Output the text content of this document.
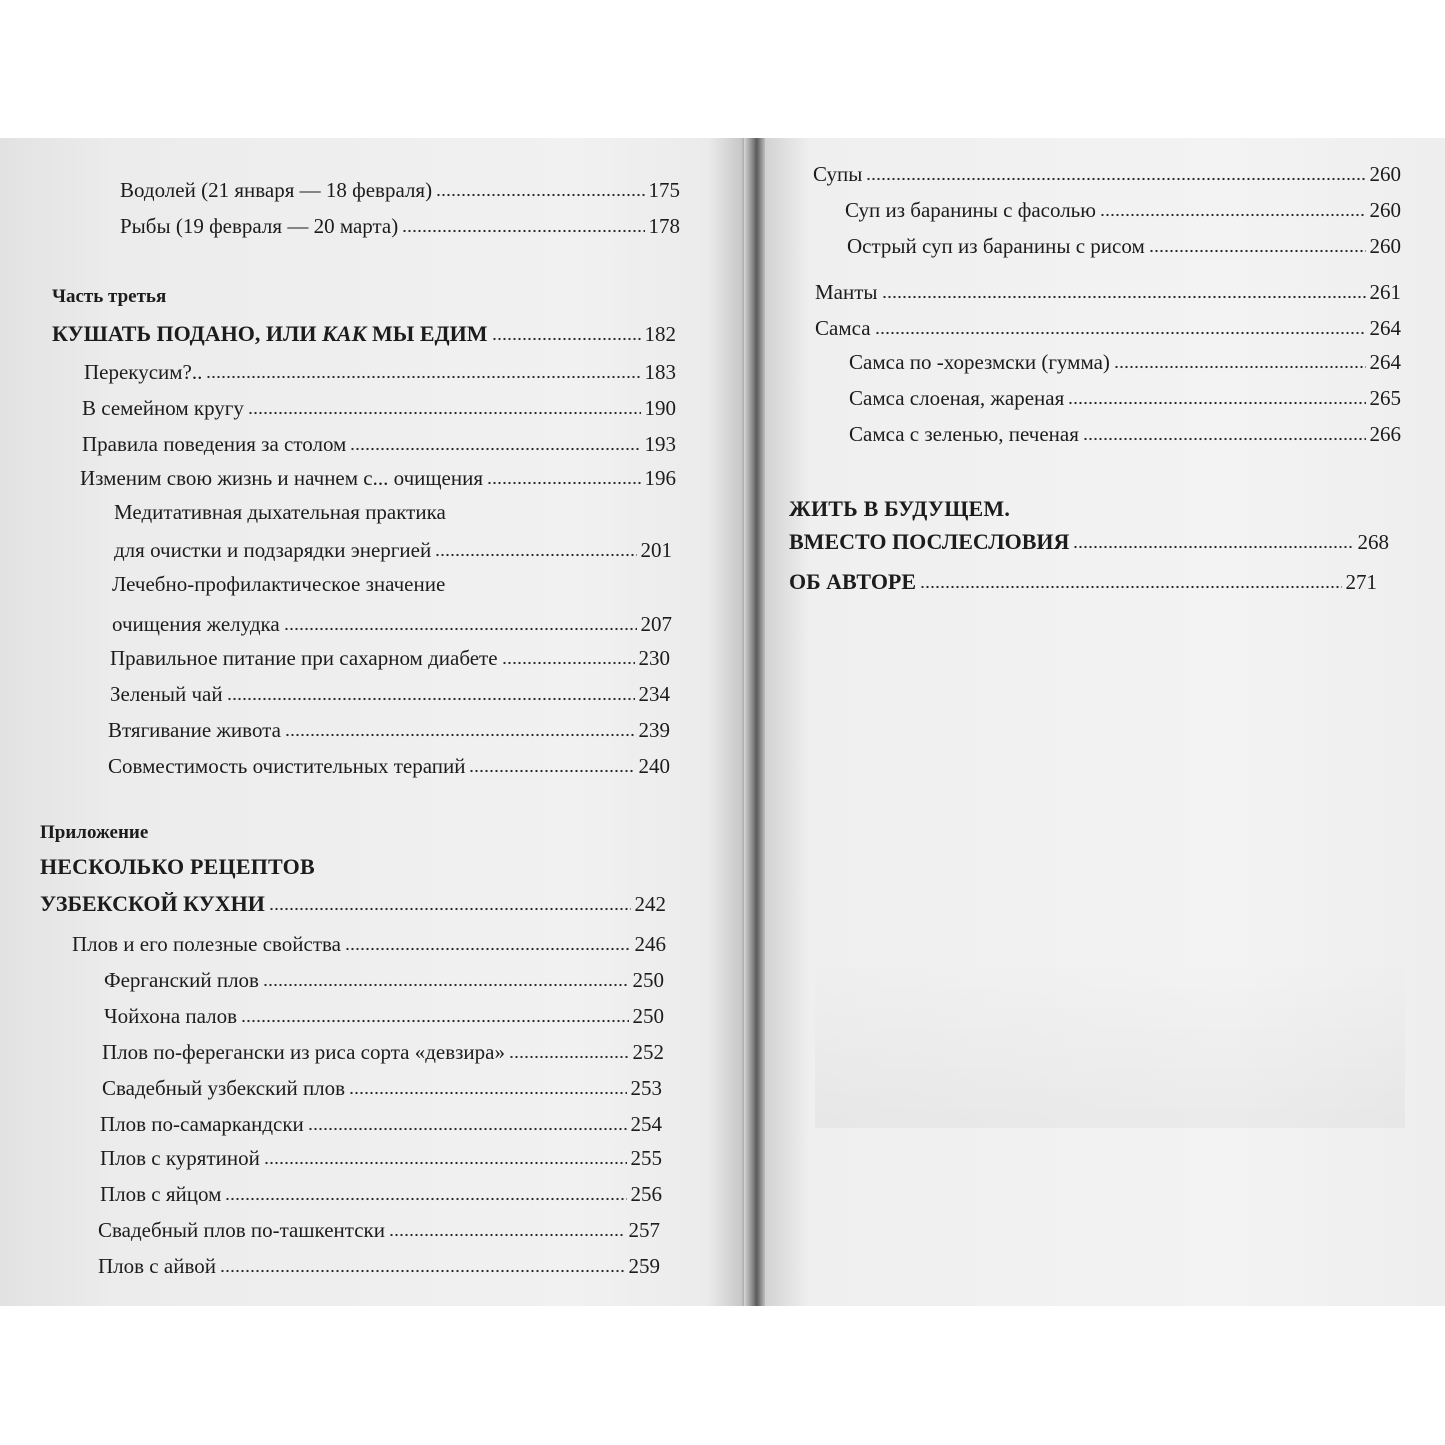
Водолей (21 января — 18 февраля)	175
Рыбы (19 февраля — 20 марта)	178
Часть третья
КУШАТЬ ПОДАНО, ИЛИ КАК МЫ ЕДИМ	182
Перекусим?..	183
В семейном кругу	190
Правила поведения за столом	193
Изменим свою жизнь и начнем с... очищения	196
Медитативная дыхательная практика
для очистки и подзарядки энергией	201
Лечебно-профилактическое значение
очищения желудка	207
Правильное питание при сахарном диабете	230
Зеленый чай	234
Втягивание живота	239
Совместимость очистительных терапий	240
Приложение
НЕСКОЛЬКО РЕЦЕПТОВ
УЗБЕКСКОЙ КУХНИ	242
Плов и его полезные свойства	246
Ферганский плов	250
Чойхона палов	250
Плов по-ферегански из риса сорта «девзира»	252
Свадебный узбекский плов	253
Плов по-самаркандски	254
Плов с курятиной	255
Плов с яйцом	256
Свадебный плов по-ташкентски	257
Плов с айвой	259
Супы	260
Суп из баранины с фасолью	260
Острый суп из баранины с рисом	260
Манты	261
Самса	264
Самса по -хорезмски (гумма)	264
Самса слоеная, жареная	265
Самса с зеленью, печеная	266
ЖИТЬ В БУДУЩЕМ.
ВМЕСТО ПОСЛЕСЛОВИЯ	268
ОБ АВТОРЕ	271
